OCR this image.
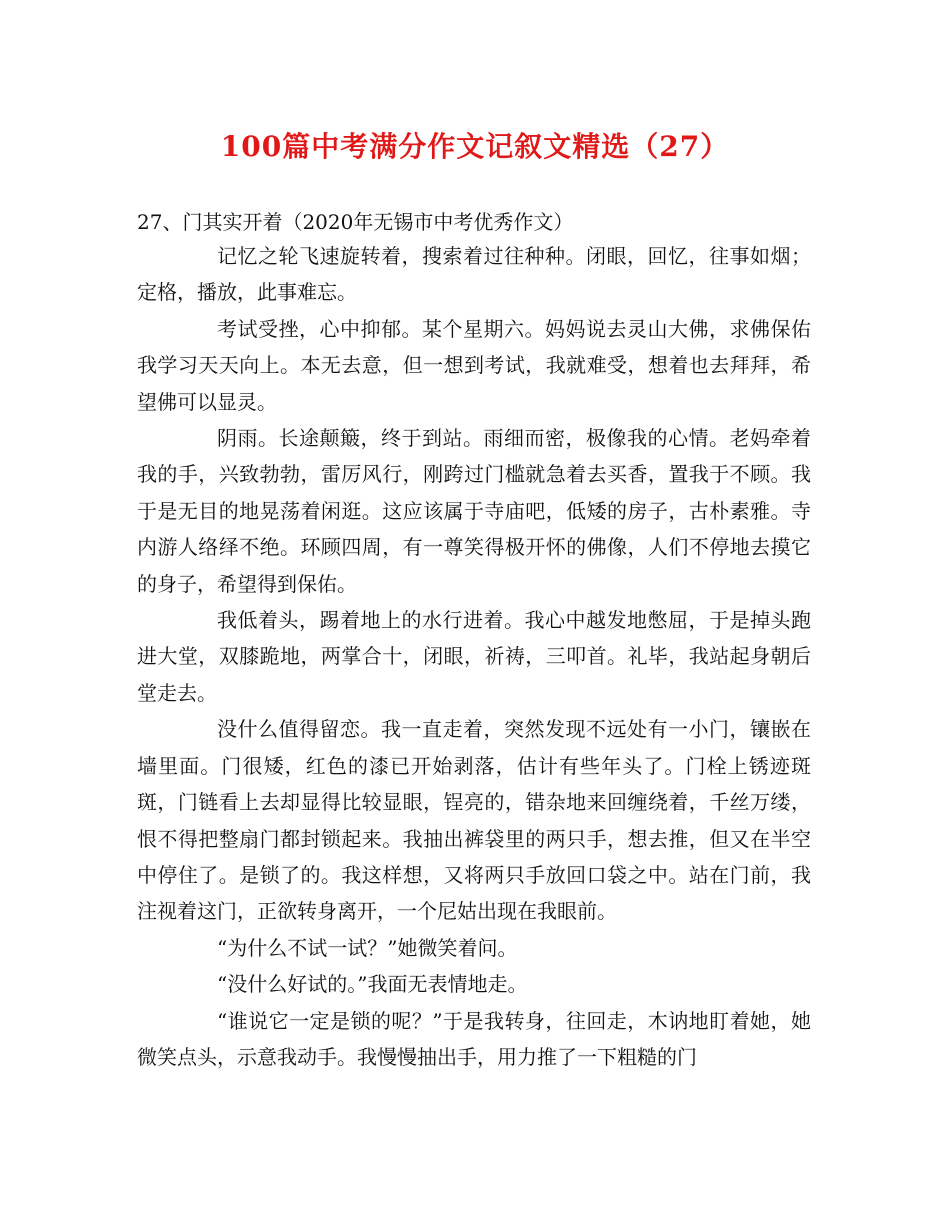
100篇中考满分作文记叙文精选（27）
27、门其实开着（2020年无锡市中考优秀作文）

记忆之轮飞速旋转着，搜索着过往种种。闭眼，回忆，往事如烟；定格，播放，此事难忘。

考试受挫，心中抑郁。某个星期六。妈妈说去灵山大佛，求佛保佑我学习天天向上。本无去意，但一想到考试，我就难受，想着也去拜拜，希望佛可以显灵。

阴雨。长途颠簸，终于到站。雨细而密，极像我的心情。老妈牵着我的手，兴致勃勃，雷厉风行，刚跨过门槛就急着去买香，置我于不顾。我于是无目的地晃荡着闲逛。这应该属于寺庙吧，低矮的房子，古朴素雅。寺内游人络绎不绝。环顾四周，有一尊笑得极开怀的佛像，人们不停地去摸它的身子，希望得到保佑。

我低着头，踢着地上的水行进着。我心中越发地憋屈，于是掉头跑进大堂，双膝跪地，两掌合十，闭眼，祈祷，三叩首。礼毕，我站起身朝后堂走去。

没什么值得留恋。我一直走着，突然发现不远处有一小门，镶嵌在墙里面。门很矮，红色的漆已开始剥落，估计有些年头了。门栓上锈迹斑斑，门链看上去却显得比较显眼，锃亮的，错杂地来回缠绕着，千丝万缕，恨不得把整扇门都封锁起来。我抽出裤袋里的两只手，想去推，但又在半空中停住了。是锁了的。我这样想，又将两只手放回口袋之中。站在门前，我注视着这门，正欲转身离开，一个尼姑出现在我眼前。

“为什么不试一试？”她微笑着问。

“没什么好试的。”我面无表情地走。

“谁说它一定是锁的呢？”于是我转身，往回走，木讷地盯着她，她微笑点头，示意我动手。我慢慢抽出手，用力推了一下粗糙的门
